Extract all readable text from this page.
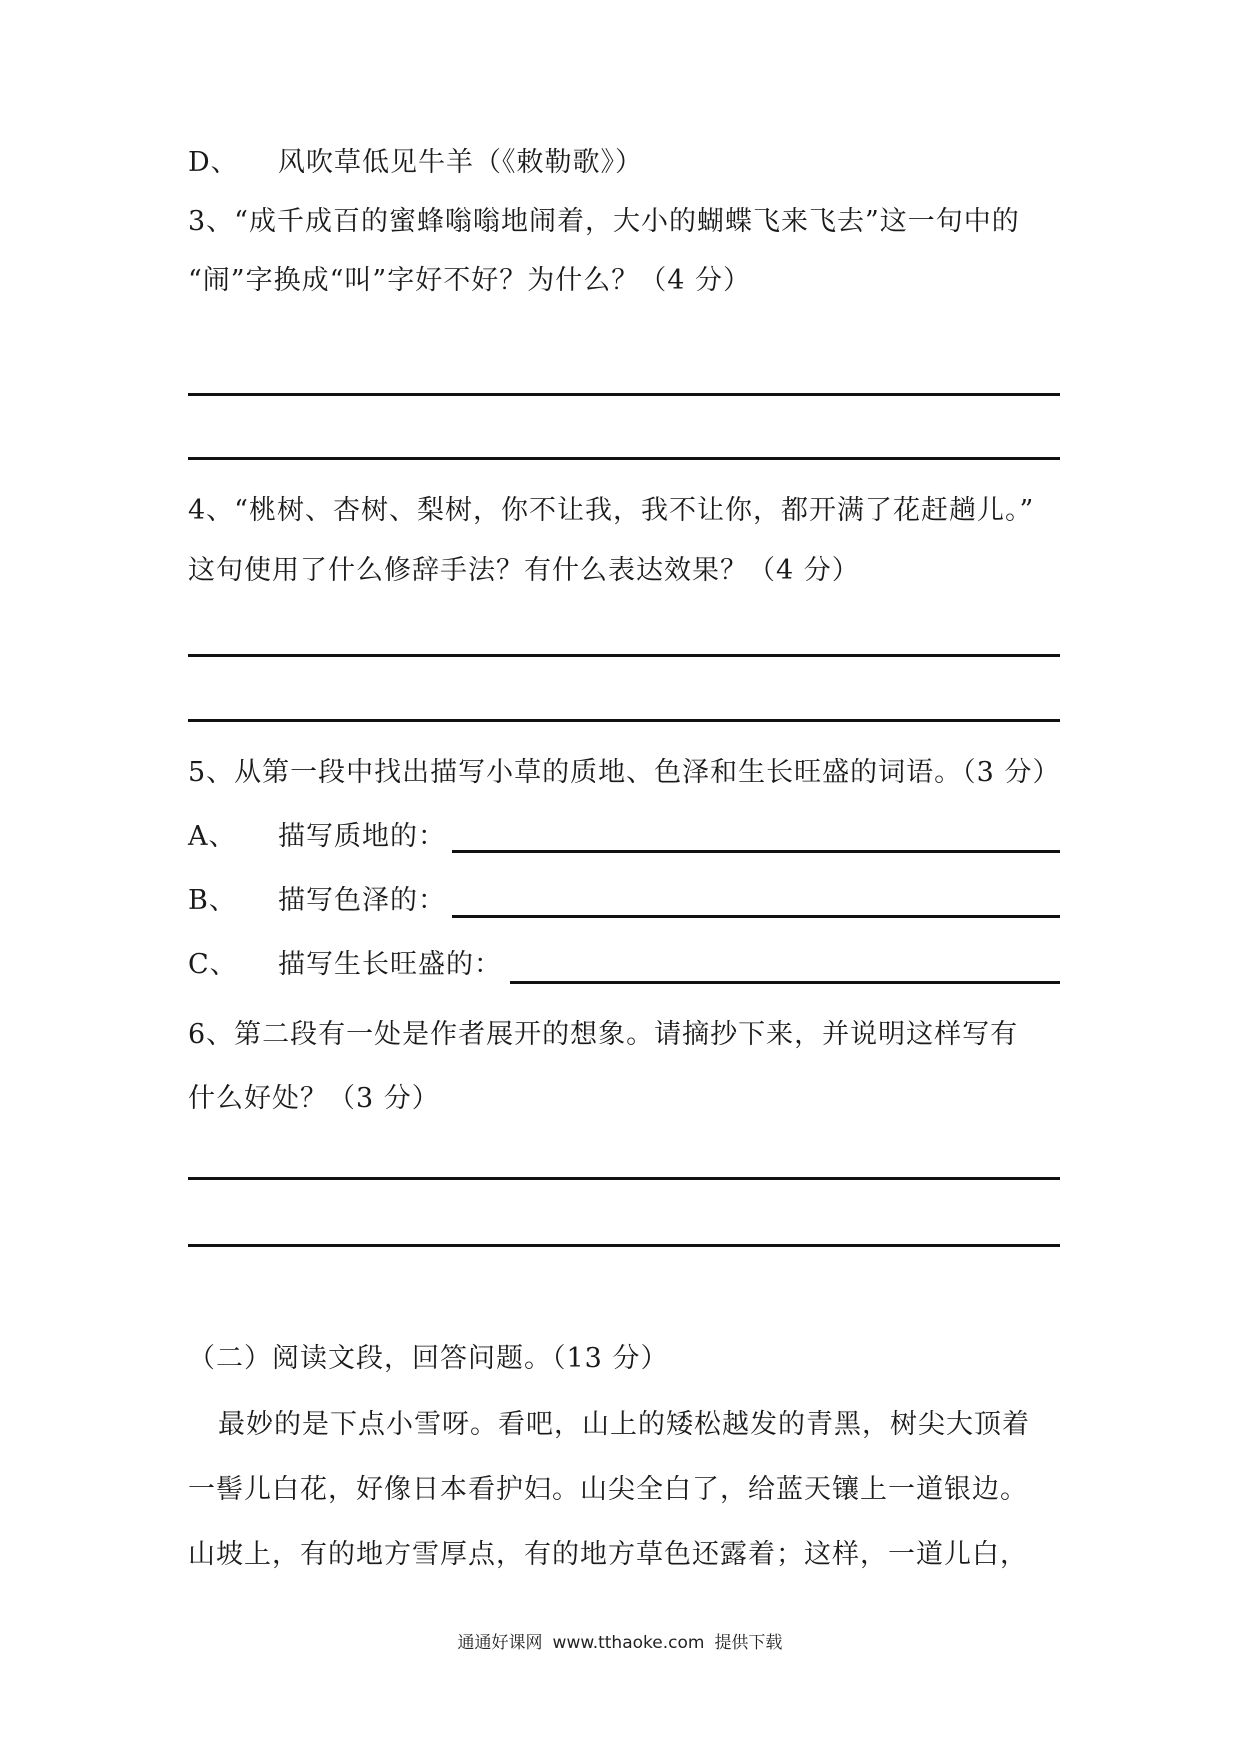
D、 风吹草低见牛羊（《敕勒歌》）
3、“成千成百的蜜蜂嗡嗡地闹着，大小的蝴蝶飞来飞去”这一句中的
“闹”字换成“叫”字好不好？为什么？（4 分）
4、“桃树、杏树、梨树，你不让我，我不让你，都开满了花赶趟儿。”
这句使用了什么修辞手法？有什么表达效果？（4 分）
5、从第一段中找出描写小草的质地、色泽和生长旺盛的词语。（3 分）
A、 描写质地的：
B、 描写色泽的：
C、 描写生长旺盛的：
6、第二段有一处是作者展开的想象。请摘抄下来，并说明这样写有
什么好处？（3 分）
（二）阅读文段，回答问题。（13 分）
最妙的是下点小雪呀。看吧，山上的矮松越发的青黑，树尖大顶着
一髻儿白花，好像日本看护妇。山尖全白了，给蓝天镶上一道银边。
山坡上，有的地方雪厚点，有的地方草色还露着；这样，一道儿白，
通通好课网 www.tthaoke.com 提供下载
